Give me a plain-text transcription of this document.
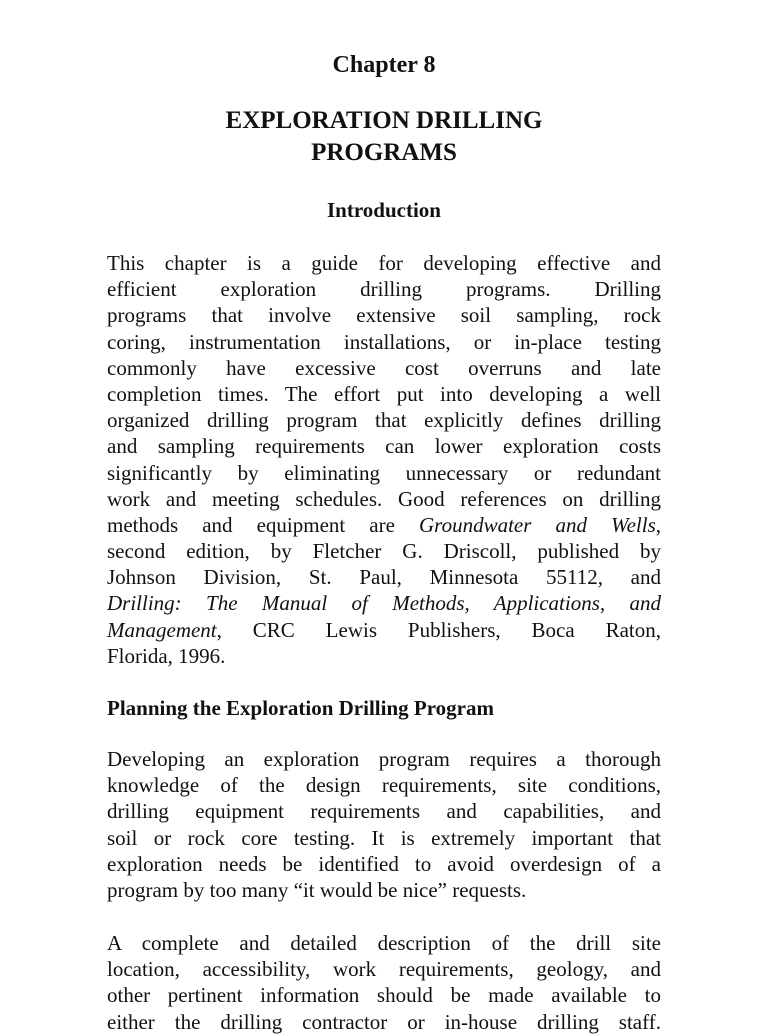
Chapter 8
EXPLORATION DRILLING
PROGRAMS
Introduction
This chapter is a guide for developing effective and
efficient exploration drilling programs. Drilling
programs that involve extensive soil sampling, rock
coring, instrumentation installations, or in-place testing
commonly have excessive cost overruns and late
completion times. The effort put into developing a well
organized drilling program that explicitly defines drilling
and sampling requirements can lower exploration costs
significantly by eliminating unnecessary or redundant
work and meeting schedules. Good references on drilling
methods and equipment are Groundwater and Wells,
second edition, by Fletcher G. Driscoll, published by
Johnson Division, St. Paul, Minnesota 55112, and
Drilling: The Manual of Methods, Applications, and
Management, CRC Lewis Publishers, Boca Raton,
Florida, 1996.
Planning the Exploration Drilling Program
Developing an exploration program requires a thorough
knowledge of the design requirements, site conditions,
drilling equipment requirements and capabilities, and
soil or rock core testing. It is extremely important that
exploration needs be identified to avoid overdesign of a
program by too many “it would be nice” requests.
A complete and detailed description of the drill site
location, accessibility, work requirements, geology, and
other pertinent information should be made available to
either the drilling contractor or in-house drilling staff.
